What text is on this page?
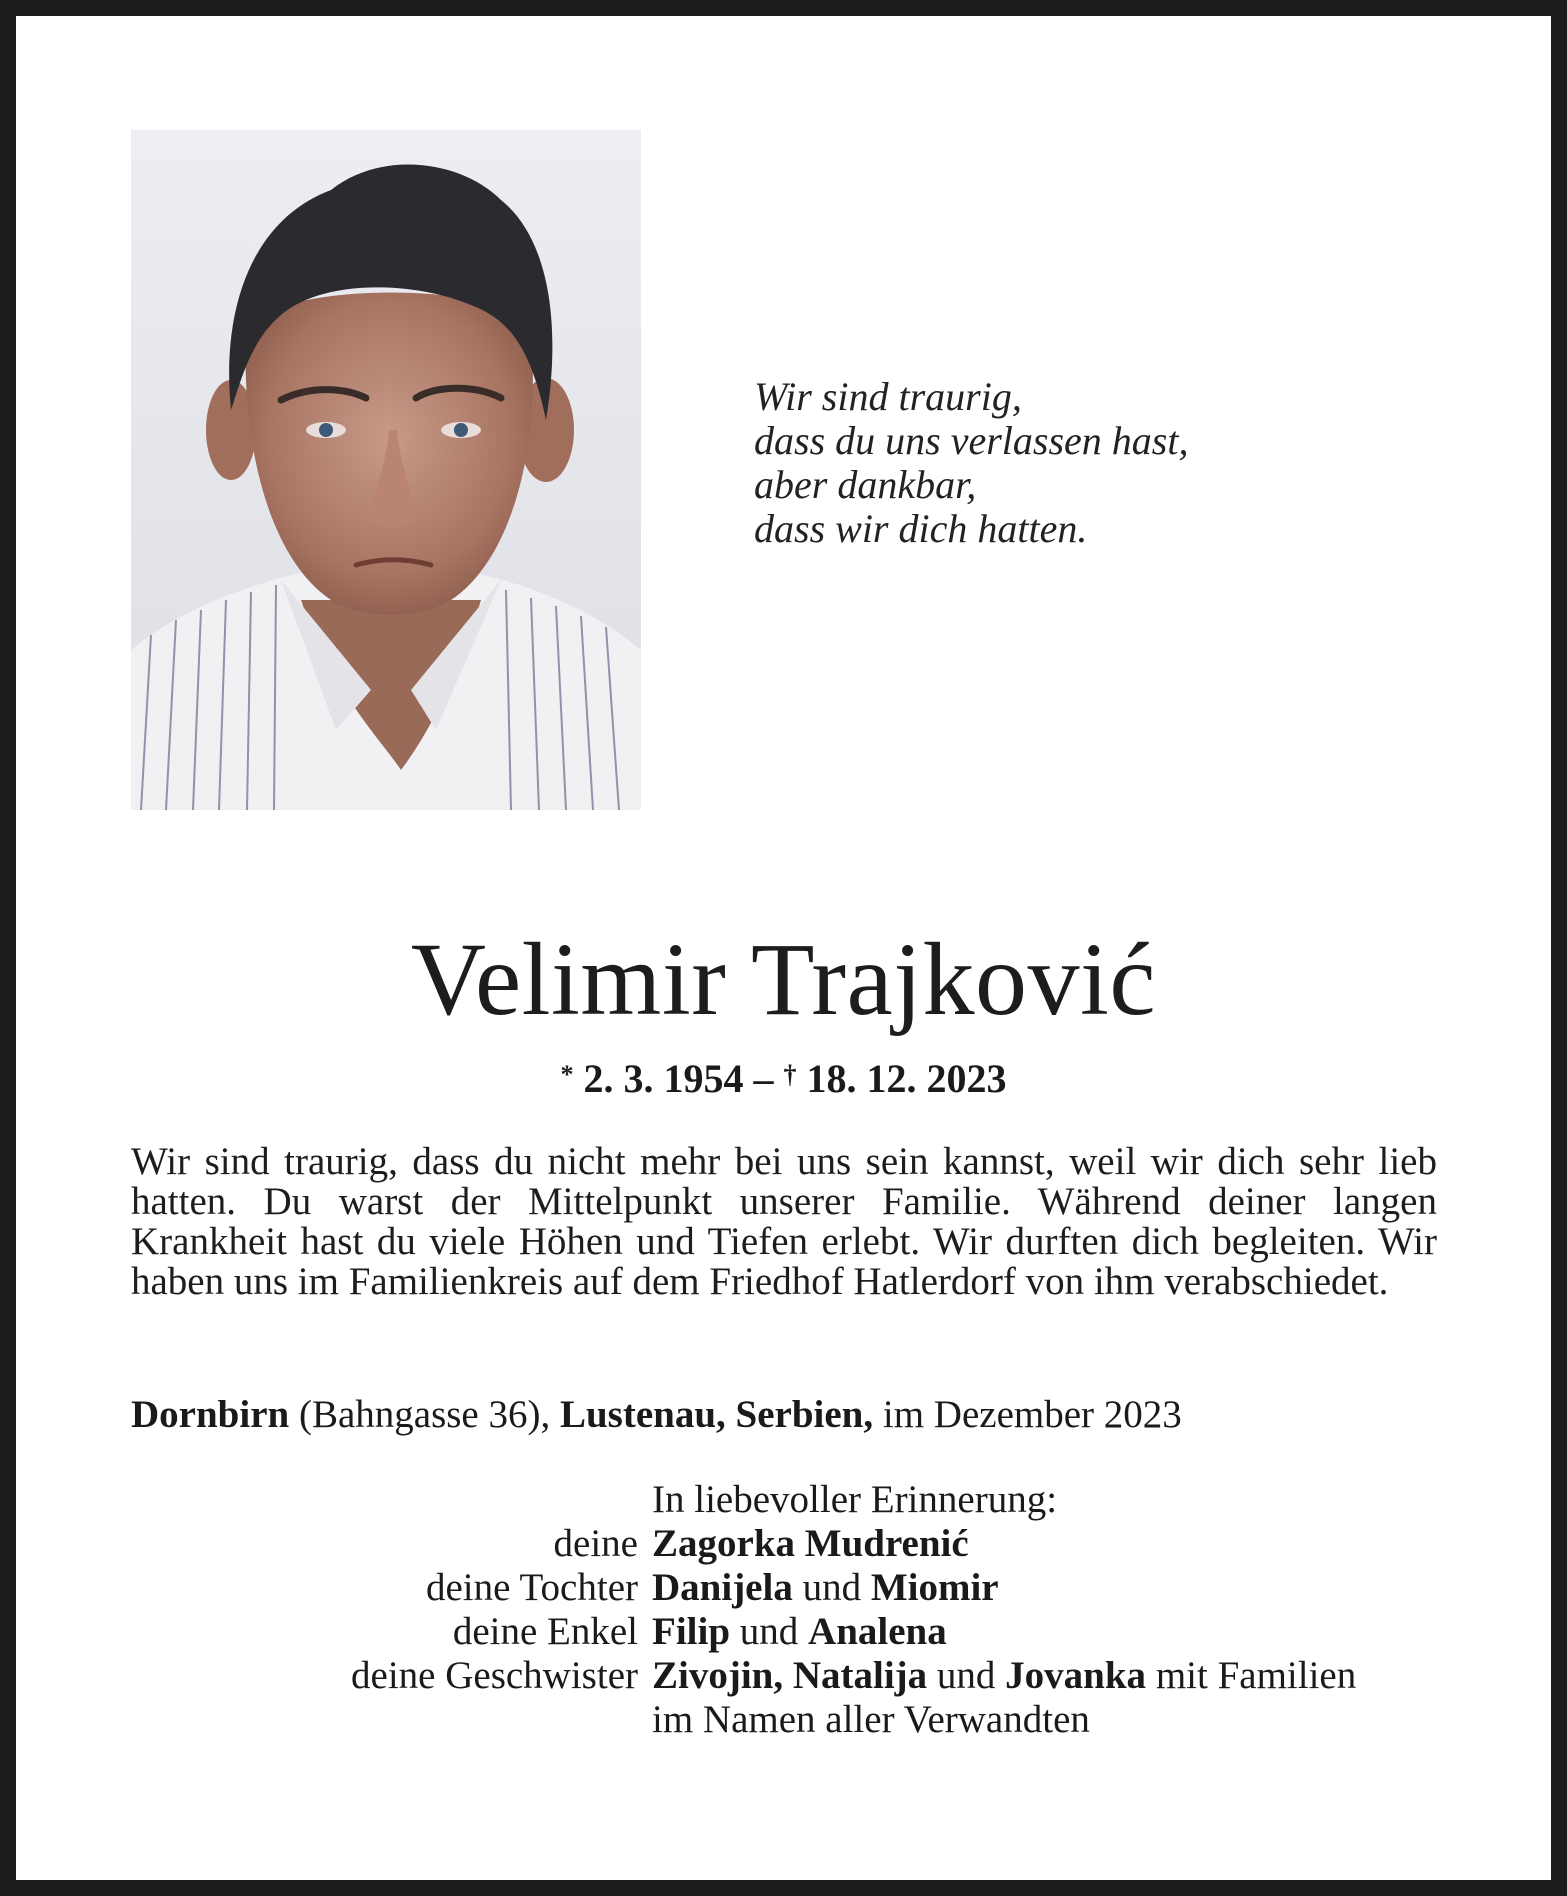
Wir sind traurig,
dass du uns verlassen hast,
aber dankbar,
dass wir dich hatten.
Velimir Trajković
* 2. 3. 1954 – † 18. 12. 2023
Wir sind traurig, dass du nicht mehr bei uns sein kannst, weil wir dich sehr lieb hatten. Du warst der Mittelpunkt unserer Familie. Während deiner langen Krankheit hast du viele Höhen und Tiefen erlebt. Wir durften dich begleiten. Wir haben uns im Familienkreis auf dem Friedhof Hatlerdorf von ihm verabschiedet.
Dornbirn (Bahngasse 36), Lustenau, Serbien, im Dezember 2023
In liebevoller Erinnerung:
deine Zagorka Mudrenić
deine Tochter Danijela und Miomir
deine Enkel Filip und Analena
deine Geschwister Zivojin, Natalija und Jovanka mit Familien
im Namen aller Verwandten
